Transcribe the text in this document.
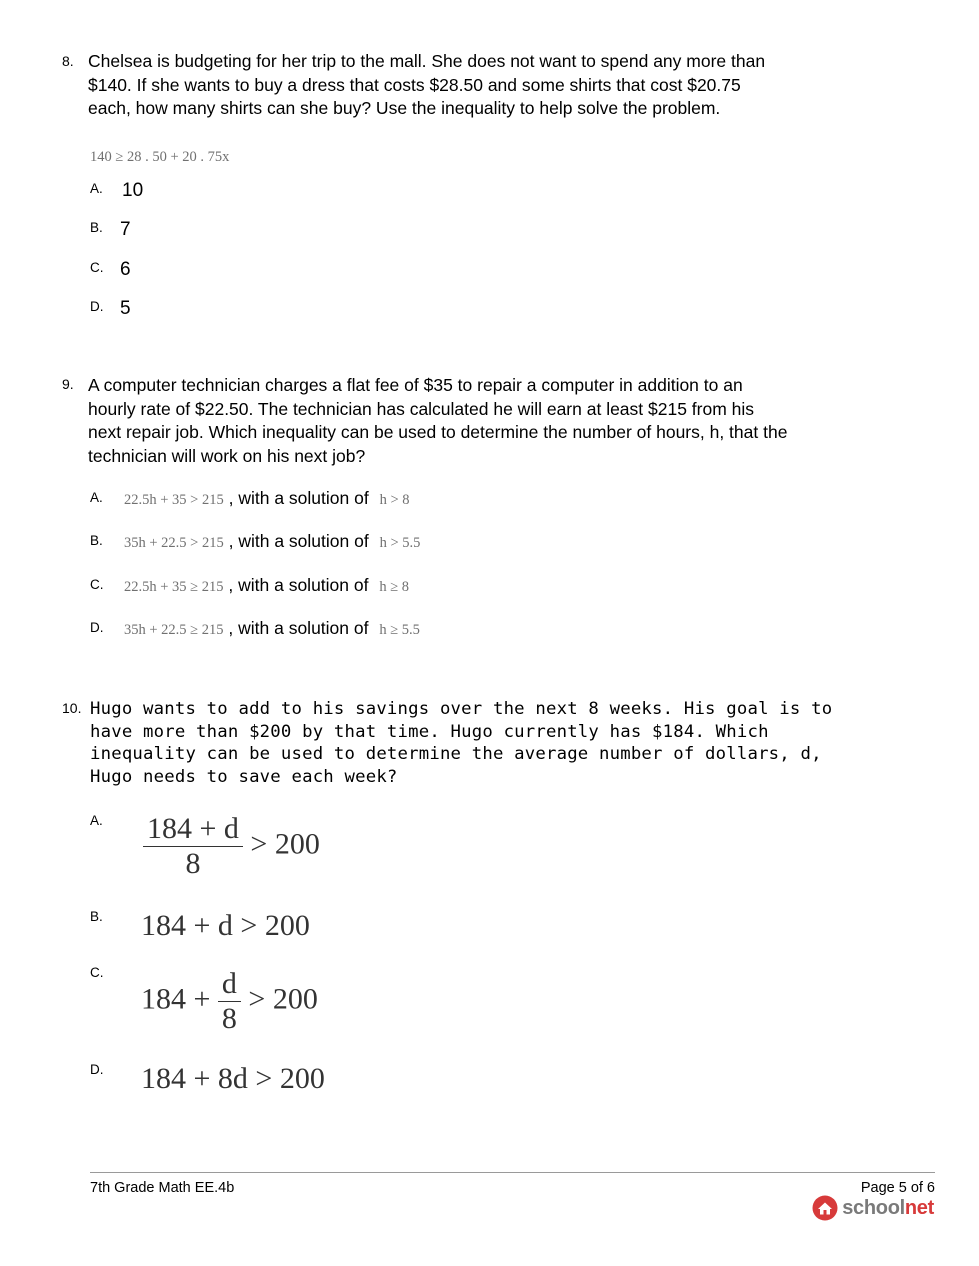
8. Chelsea is budgeting for her trip to the mall. She does not want to spend any more than
$140. If she wants to buy a dress that costs $28.50 and some shirts that cost $20.75
each, how many shirts can she buy? Use the inequality to help solve the problem.
140 ≥ 28 . 50 + 20 . 75x
A. 10
B. 7
C. 6
D. 5
9. A computer technician charges a flat fee of $35 to repair a computer in addition to an
hourly rate of $22.50. The technician has calculated he will earn at least $215 from his
next repair job. Which inequality can be used to determine the number of hours, h, that the
technician will work on his next job?
A. 22.5h + 35 > 215 , with a solution of h > 8
B. 35h + 22.5 > 215 , with a solution of h > 5.5
C. 22.5h + 35 ≥ 215 , with a solution of h ≥ 8
D. 35h + 22.5 ≥ 215 , with a solution of h ≥ 5.5
10. Hugo wants to add to his savings over the next 8 weeks. His goal is to
have more than $200 by that time. Hugo currently has $184. Which
inequality can be used to determine the average number of dollars, d,
Hugo needs to save each week?
A. $\frac{184 + d}{8} > 200$
B. 184 + d > 200
C.
$184 + \frac{d}{8} > 200$
D. 184 + 8d > 200
7th Grade Math EE.4b	Page 5 of 6
schoolnet
